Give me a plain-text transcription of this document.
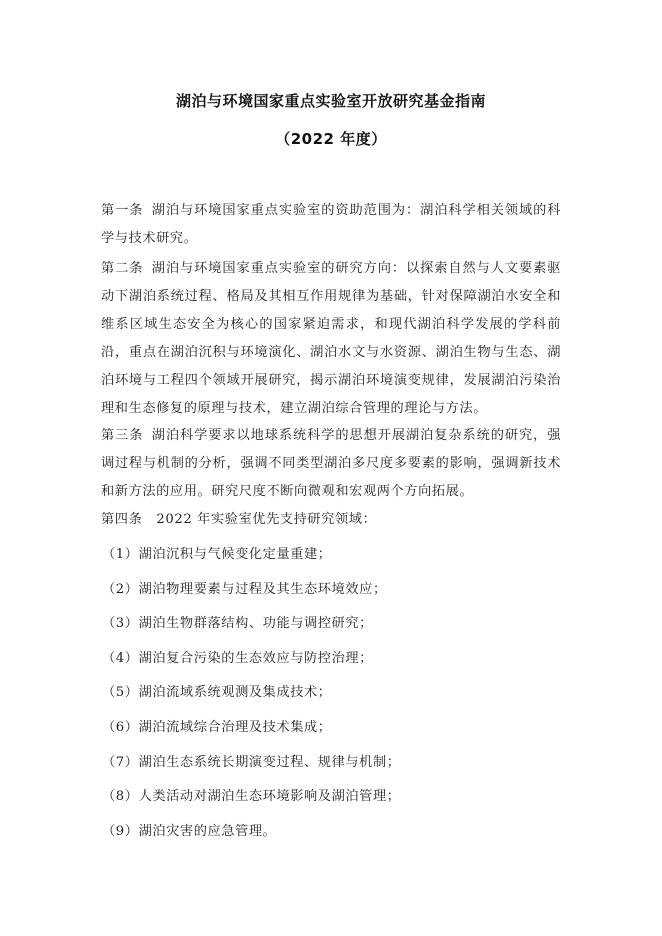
湖泊与环境国家重点实验室开放研究基金指南
（2022 年度）

第一条 湖泊与环境国家重点实验室的资助范围为：湖泊科学相关领域的科学与技术研究。

第二条 湖泊与环境国家重点实验室的研究方向：以探索自然与人文要素驱动下湖泊系统过程、格局及其相互作用规律为基础，针对保障湖泊水安全和维系区域生态安全为核心的国家紧迫需求，和现代湖泊科学发展的学科前沿，重点在湖泊沉积与环境演化、湖泊水文与水资源、湖泊生物与生态、湖泊环境与工程四个领域开展研究，揭示湖泊环境演变规律，发展湖泊污染治理和生态修复的原理与技术，建立湖泊综合管理的理论与方法。

第三条 湖泊科学要求以地球系统科学的思想开展湖泊复杂系统的研究，强调过程与机制的分析，强调不同类型湖泊多尺度多要素的影响，强调新技术和新方法的应用。研究尺度不断向微观和宏观两个方向拓展。

第四条 2022 年实验室优先支持研究领域：

（1）湖泊沉积与气候变化定量重建；
（2）湖泊物理要素与过程及其生态环境效应；
（3）湖泊生物群落结构、功能与调控研究；
（4）湖泊复合污染的生态效应与防控治理；
（5）湖泊流域系统观测及集成技术；
（6）湖泊流域综合治理及技术集成；
（7）湖泊生态系统长期演变过程、规律与机制；
（8）人类活动对湖泊生态环境影响及湖泊管理；
（9）湖泊灾害的应急管理。
